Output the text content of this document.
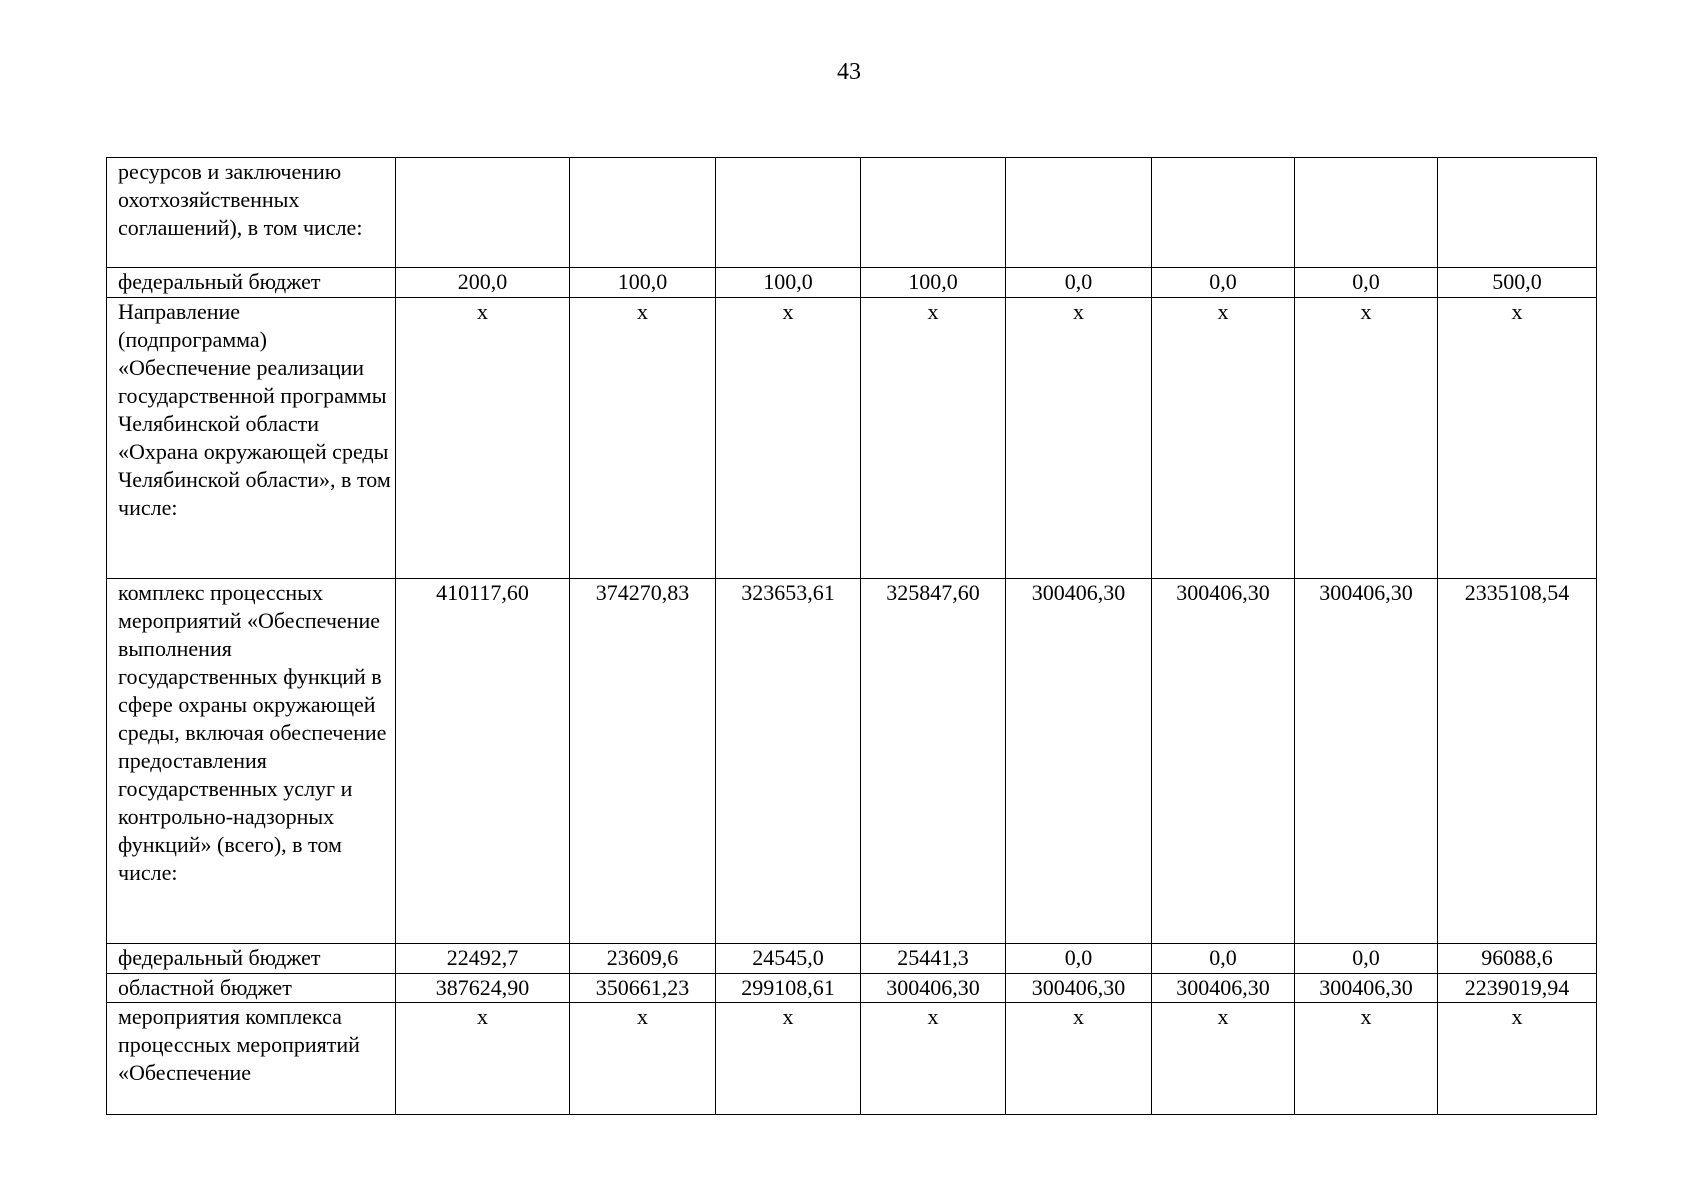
43
ресурсов и заключению охотхозяйственных соглашений), в том числе:								
федеральный бюджет	200,0	100,0	100,0	100,0	0,0	0,0	0,0	500,0
Направление (подпрограмма) «Обеспечение реализации государственной программы Челябинской области «Охрана окружающей среды Челябинской области», в том числе:	х	х	х	х	х	х	х	х
комплекс процессных мероприятий «Обеспечение выполнения государственных функций в сфере охраны окружающей среды, включая обеспечение предоставления государственных услуг и контрольно-надзорных функций» (всего), в том числе:	410117,60	374270,83	323653,61	325847,60	300406,30	300406,30	300406,30	2335108,54
федеральный бюджет	22492,7	23609,6	24545,0	25441,3	0,0	0,0	0,0	96088,6
областной бюджет	387624,90	350661,23	299108,61	300406,30	300406,30	300406,30	300406,30	2239019,94
мероприятия комплекса процессных мероприятий «Обеспечение	х	х	х	х	х	х	х	х
